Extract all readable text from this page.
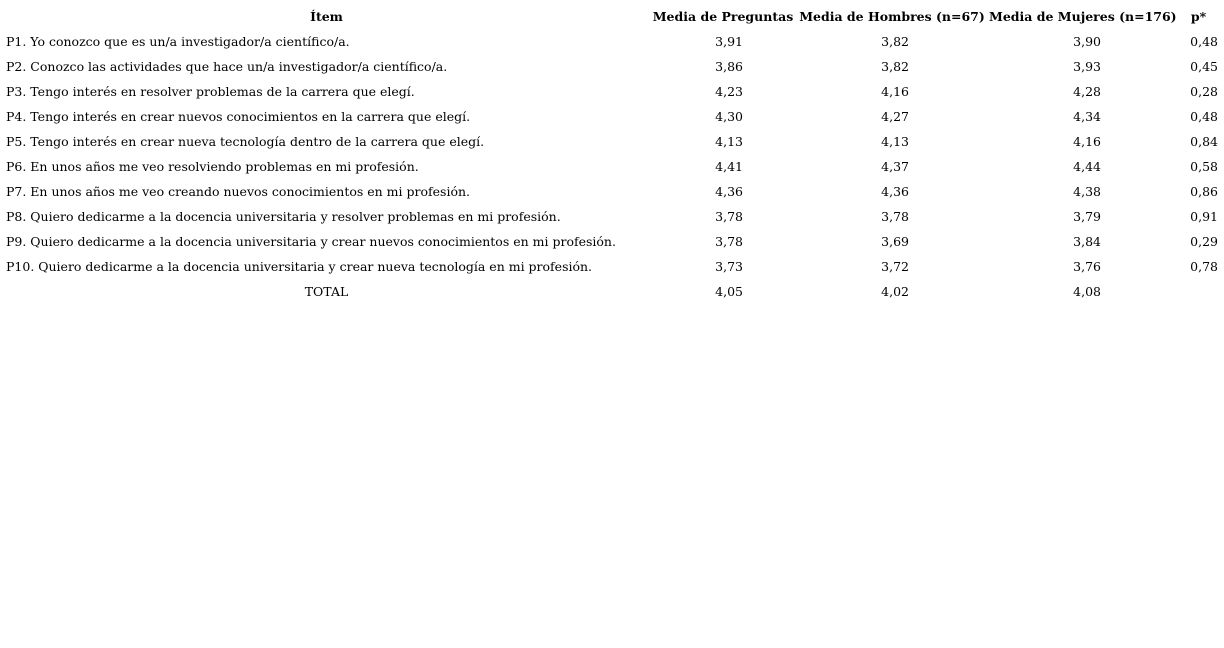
Ítem	Media de Preguntas	Media de Hombres (n=67)	Media de Mujeres (n=176)	p*
P1. Yo conozco que es un/a investigador/a científico/a.	3,91	3,82	3,90	0,48
P2. Conozco las actividades que hace un/a investigador/a científico/a.	3,86	3,82	3,93	0,45
P3. Tengo interés en resolver problemas de la carrera que elegí.	4,23	4,16	4,28	0,28
P4. Tengo interés en crear nuevos conocimientos en la carrera que elegí.	4,30	4,27	4,34	0,48
P5. Tengo interés en crear nueva tecnología dentro de la carrera que elegí.	4,13	4,13	4,16	0,84
P6. En unos años me veo resolviendo problemas en mi profesión.	4,41	4,37	4,44	0,58
P7. En unos años me veo creando nuevos conocimientos en mi profesión.	4,36	4,36	4,38	0,86
P8. Quiero dedicarme a la docencia universitaria y resolver problemas en mi profesión.	3,78	3,78	3,79	0,91
P9. Quiero dedicarme a la docencia universitaria y crear nuevos conocimientos en mi profesión.	3,78	3,69	3,84	0,29
P10. Quiero dedicarme a la docencia universitaria y crear nueva tecnología en mi profesión.	3,73	3,72	3,76	0,78
TOTAL	4,05	4,02	4,08	
